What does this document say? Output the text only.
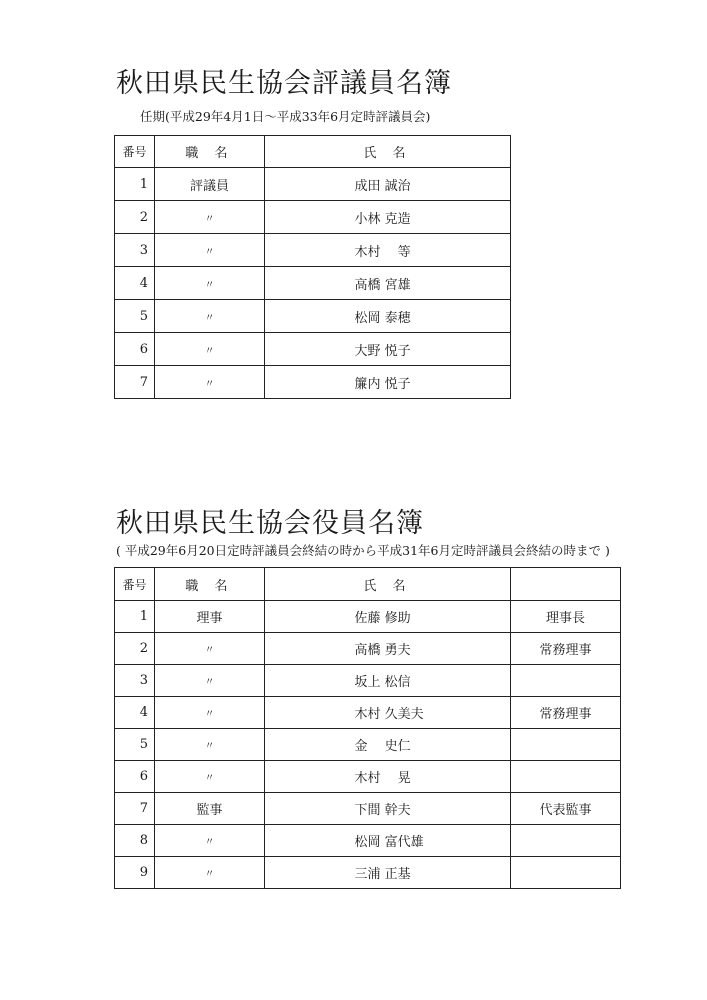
秋田県民生協会評議員名簿
任期(平成29年4月1日～平成33年6月定時評議員会)
番号	職 名	氏 名
1	評議員	成田 誠治
2	〃	小林 克造
3	〃	木村 　等
4	〃	高橋 宮雄
5	〃	松岡 泰穂
6	〃	大野 悦子
7	〃	簾内 悦子
秋田県民生協会役員名簿
( 平成29年6月20日定時評議員会終結の時から平成31年6月定時評議員会終結の時まで )
番号	職 名	氏 名	
1	理事	佐藤 修助	理事長
2	〃	高橋 勇夫	常務理事
3	〃	坂上 松信	
4	〃	木村 久美夫	常務理事
5	〃	金 　史仁	
6	〃	木村 　晃	
7	監事	下間 幹夫	代表監事
8	〃	松岡 富代雄	
9	〃	三浦 正基	
